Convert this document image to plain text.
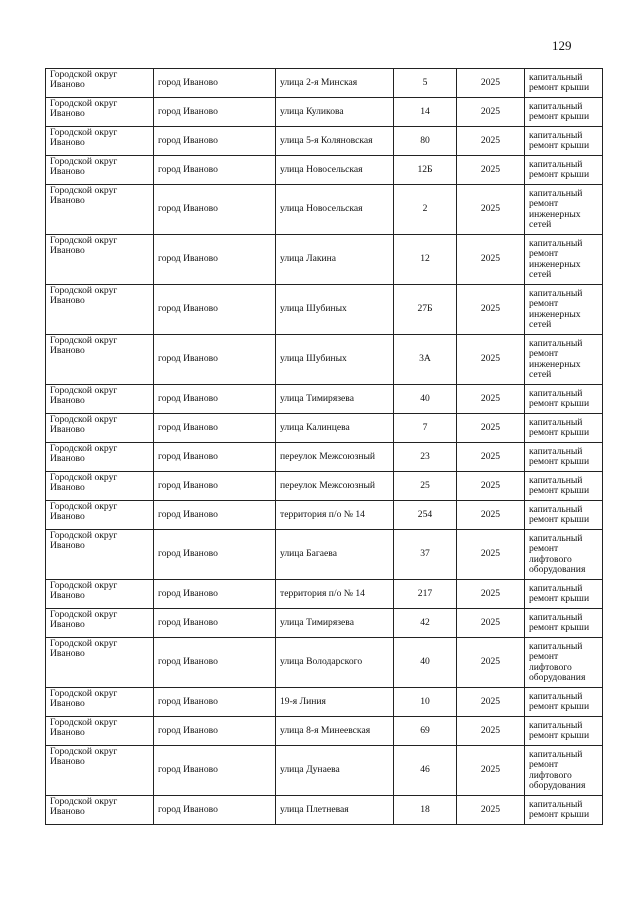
129
Городской округ Иваново	город Иваново	улица 2-я Минская	5	2025	капитальный ремонт крыши
Городской округ Иваново	город Иваново	улица Куликова	14	2025	капитальный ремонт крыши
Городской округ Иваново	город Иваново	улица 5-я Коляновская	80	2025	капитальный ремонт крыши
Городской округ Иваново	город Иваново	улица Новосельская	12Б	2025	капитальный ремонт крыши
Городской округ Иваново	город Иваново	улица Новосельская	2	2025	капитальный ремонт инженерных сетей
Городской округ Иваново	город Иваново	улица Лакина	12	2025	капитальный ремонт инженерных сетей
Городской округ Иваново	город Иваново	улица Шубиных	27Б	2025	капитальный ремонт инженерных сетей
Городской округ Иваново	город Иваново	улица Шубиных	3А	2025	капитальный ремонт инженерных сетей
Городской округ Иваново	город Иваново	улица Тимирязева	40	2025	капитальный ремонт крыши
Городской округ Иваново	город Иваново	улица Калинцева	7	2025	капитальный ремонт крыши
Городской округ Иваново	город Иваново	переулок Межсоюзный	23	2025	капитальный ремонт крыши
Городской округ Иваново	город Иваново	переулок Межсоюзный	25	2025	капитальный ремонт крыши
Городской округ Иваново	город Иваново	территория п/о № 14	254	2025	капитальный ремонт крыши
Городской округ Иваново	город Иваново	улица Багаева	37	2025	капитальный ремонт лифтового оборудования
Городской округ Иваново	город Иваново	территория п/о № 14	217	2025	капитальный ремонт крыши
Городской округ Иваново	город Иваново	улица Тимирязева	42	2025	капитальный ремонт крыши
Городской округ Иваново	город Иваново	улица Володарского	40	2025	капитальный ремонт лифтового оборудования
Городской округ Иваново	город Иваново	19-я Линия	10	2025	капитальный ремонт крыши
Городской округ Иваново	город Иваново	улица 8-я Минеевская	69	2025	капитальный ремонт крыши
Городской округ Иваново	город Иваново	улица Дунаева	46	2025	капитальный ремонт лифтового оборудования
Городской округ Иваново	город Иваново	улица Плетневая	18	2025	капитальный ремонт крыши
